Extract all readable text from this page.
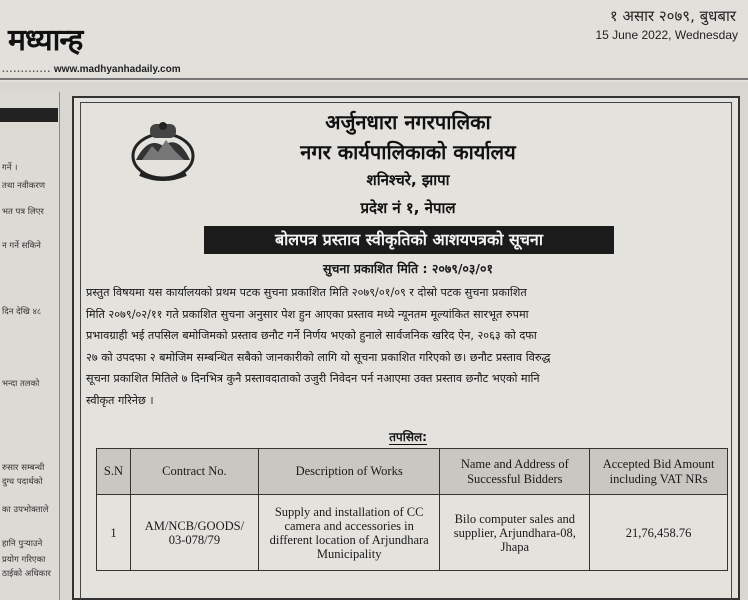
मध्यान्ह
............. www.madhyanhadaily.com
१ असार २०७९, बुधबार
15 June 2022, Wednesday
गर्ने ।
तथा नवीकरण
भत पत्र लिएर
न गर्ने सकिने
दिन देखि ४८
भन्दा तलको
रुसार सम्बन्धी
दुग्ध पदार्थको
का उपभोक्ताले
हानि पुऱ्याउने
प्रयोग गरिएका
ठाईको अधिकार
अर्जुनधारा नगरपालिका
नगर कार्यपालिकाको कार्यालय
शनिश्चरे, झापा
प्रदेश नं १, नेपाल
बोलपत्र प्रस्ताव स्वीकृतिको आशयपत्रको सूचना
सुचना प्रकाशित मिति : २०७९/०३/०१
प्रस्तुत विषयमा यस कार्यालयको प्रथम पटक सुचना प्रकाशित मिति २०७९/०१/०९ र दोस्रो पटक सुचना प्रकाशित
मिति २०७९/०२/११ गते प्रकाशित सुचना अनुसार पेश हुन आएका प्रस्ताव मध्ये न्यूनतम मूल्यांकित सारभूत रुपमा
प्रभावग्राही भई तपसिल बमोजिमको प्रस्ताव छनौट गर्ने निर्णय भएको हुनाले सार्वजनिक खरिद ऐन, २०६३ को दफा
२७ को उपदफा २ बमोजिम सम्बन्धित सबैको जानकारीको लागि यो सूचना प्रकाशित गरिएको छ। छनौट प्रस्ताव विरुद्ध
सूचना प्रकाशित मितिले ७ दिनभित्र कुनै प्रस्तावदाताको उजुरी निवेदन पर्न नआएमा उक्त प्रस्ताव छनौट भएको मानि
स्वीकृत गरिनेछ ।
तपसिल:
S.N	Contract No.	Description of Works	Name and Address of Successful Bidders	Accepted Bid Amount including VAT NRs
1	AM/NCB/GOODS/ 03-078/79	Supply and installation of CC camera and accessories in different location of Arjundhara Municipality	Bilo computer sales and supplier, Arjundhara-08, Jhapa	21,76,458.76
